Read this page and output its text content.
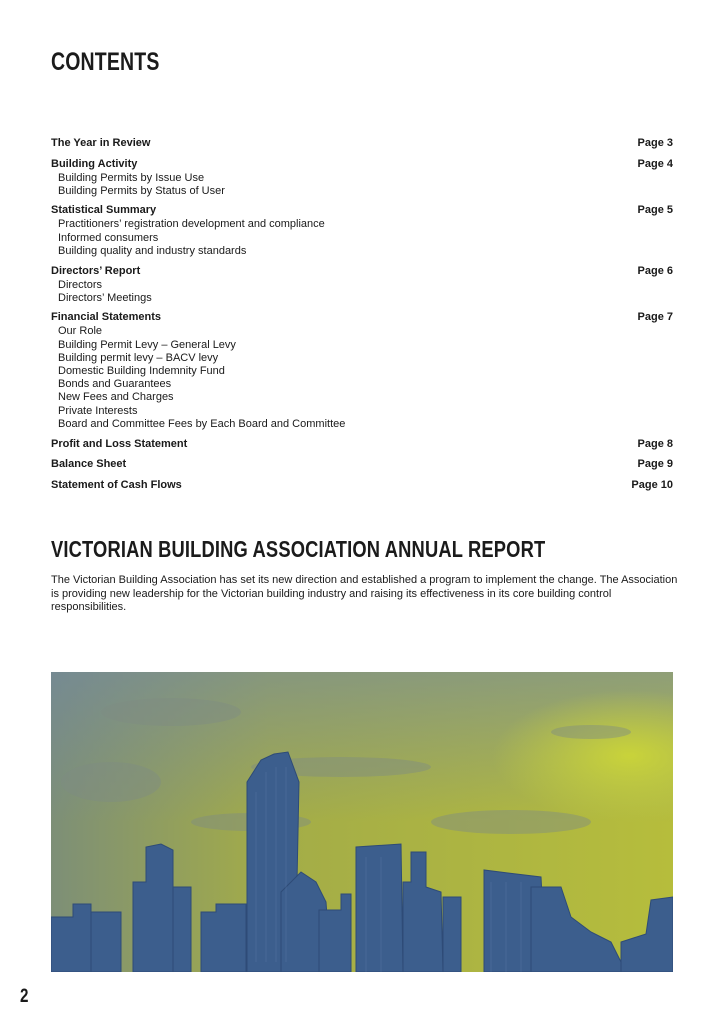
CONTENTS
The Year in Review	Page 3
Building Activity	Page 4
Building Permits by Issue Use
Building Permits by Status of User
Statistical Summary	Page 5
Practitioners’ registration development and compliance
Informed consumers
Building quality and industry standards
Directors’ Report	Page 6
Directors
Directors’ Meetings
Financial Statements	Page 7
Our Role
Building Permit Levy – General Levy
Building permit levy – BACV levy
Domestic Building Indemnity Fund
Bonds and Guarantees
New Fees and Charges
Private Interests
Board and Committee Fees by Each Board and Committee
Profit and Loss Statement	Page 8
Balance Sheet	Page 9
Statement of Cash Flows	Page 10
VICTORIAN BUILDING ASSOCIATION ANNUAL REPORT

The Victorian Building Association has set its new direction and established a program to implement the change. The Association is providing new leadership for the Victorian building industry and raising its effectiveness in its core building control responsibilities.

2
